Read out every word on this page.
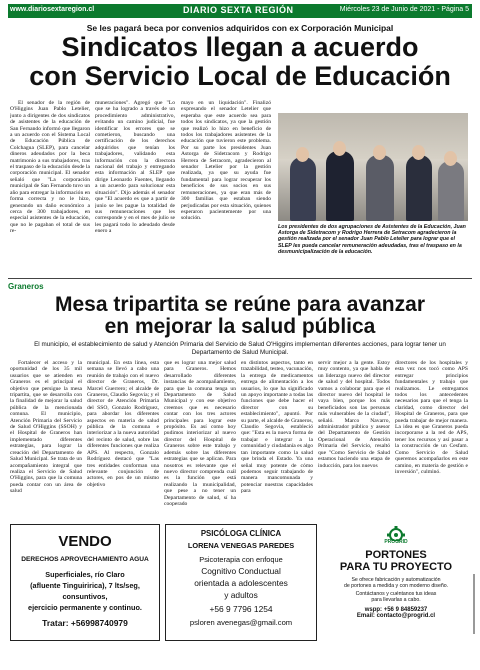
www.diariosextaregion.cl	DIARIO SEXTA REGIÓN	Miércoles 23 de Junio de 2021 - Página 5
Se les pagará beca por convenios adquiridos con ex Corporación Municipal
Sindicatos llegan a acuerdo
con Servicio Local de Educación
El senador de la región de O'Higgins Juan Pablo Letelier, junto a dirigentes de dos sindicatos de asistentes de la educación de San Fernando informó que llegaron a un acuerdo con el Sistema Local de Educación Pública de Colchagua (SLEP), para cancelar dineros adeudados por la beca matrimonio a sus trabajadores, tras el traspaso de la educación desde la corporación municipal. El senador señaló que "La corporación municipal de San Fernando tuvo un año para entregar la información en forma correcta y no le hizo, generando un daño económico a cerca de 300 trabajadores, en especial asistentes de la educación, que no le pagaban el total de sus re-
muneraciones". Agregó que "Lo que se ha logrado a través de un procedimiento administrativo, evitando un camino judicial, fue identificar los errores que se cometieron, buscando una certificación de los derechos adquiridos que tenían los trabajadores, validando esta información con la directora nacional del trabajo y entregando esta información al SLEP que dirige Leonardo Fuentes, llegando a un acuerdo para solucionar esta situación". Dijo además el senador que "El acuerdo es que a partir de junio se les pague la totalidad de sus remuneraciones que les corresponde y en el mes de julio se les pagará todo lo adeudado desde enero a
mayo en un liquidación". Finalizó expresando el senador Letelier que esperaba que este acuerdo sea para todos los sindicatos, ya que la gestión que realizó lo hizo en beneficio de todos los trabajadores asistentes de la educación que tuvieron este problema. Por su parte los presidentes Juan Astorga de Sidetracom y Rodrigo Herrera de Setracom, agradecieron al senador Letelier por la gestión realizada, ya que su ayuda fue fundamental para lograr recuperar los beneficios de sus socios en sus remuneraciones, ya que eran más de 300 familias que estaban siendo perjudicadas por esta situación, quienes esperaron pacientemente por una solución.
Los presidentes de dos agrupaciones de Asistentes de la Educación, Juan Astorga de Sidetracom y Rodrigo Herrera de Setracom agradecieron la gestión realizada por el senador Juan Pablo Letelier para lograr que el SLEP les pueda cancelar remuneración adeudadas, tras el traspaso en la desmunicipalización de la educación.
Graneros
Mesa tripartita se reúne para avanzar
en mejorar la salud pública
El municipio, el establecimiento de salud y Atención Primaria del Servicio de Salud O'Higgins implementan diferentes acciones, para lograr tener un Departamento de Salud Municipal.
Fortalecer el acceso y la oportunidad de los 35 mil usuarios que se atienden en Graneros es el principal el objetivo que persigue la mesa tripartita, que se desarrolla con la finalidad de mejorar la salud pública de la mencionada comuna. El municipio, Atención Primaria del Servicio de Salud O'Higgins (SSOH) y el Hospital de Graneros han implementado diferentes estrategias, para lograr la creación del Departamento de Salud Municipal. Se trata de un acompañamiento integral que realiza el Servicio de Salud O'Higgins, para que la comuna pueda contar con un área de salud
municipal. En esta línea, esta semana se llevó a cabo una reunión de trabajo con el nuevo director de Graneros, Dr. Marcel Guerrero; el alcalde de Graneros, Claudio Segovia; y el director de Atención Primaria del SSO, Gonzalo Rodríguez, para abordar los diferentes aspectos en materia de salud pública de la comuna e interiorizar a la nueva autoridad del recinto de salud, sobre las diferentes funciones que realiza APS. Al respecto, Gonzalo Rodríguez destacó que "Las tres entidades conforman una relevante conjunción de actores, en pos de un mismo objetivo
que es lograr una mejor salud para Graneros. Hemos desarrollado diferentes instancias de acompañamiento, para que la comuna tenga un Departamento de Salud Municipal y con ese objetivo creemos que es necesario contar con los tres actores principales para lograr este propósito. Es así como hoy pudimos interiorizar al nuevo director del Hospital de Graneros sobre este trabajo y además sobre las diferentes estrategias que se aplican. Para nosotros es relevante que el nuevo director comprenda cuál es la función que está realizando la municipalidad, que pese a no tener un Departamento de salud, sí ha cooperado
en distintos aspectos, tanto en trazabilidad, testeo, vacunación, la entrega de medicamentos entrega de alimentación a los usuarios, lo que ha significado un apoyo importante a todas las funciones que debe hacer el director con su establecimiento", apuntó. Por su parte, el alcalde de Graneros, Claudio Segovia, estableció que: "Esta es la nueva forma de trabajar e integrar a la comunidad y ciudadanía es algo tan importante como la salud que brinda el Estado. Ya una señal muy potente de cómo podemos seguir trabajando de manera mancomunada y potenciar nuestras capacidades para
servir mejor a la gente. Estoy muy contento, ya que habla de un liderazgo nuevo del director de salud y del hospital. Todos vamos a colaborar para que el director nuevo del hospital le vaya bien, porque los más beneficiados son las personas más vulnerables de la ciudad", señaló. Marco Navarro, administrador público y asesor del Departamento de Gestión Operacional de Atención Primaria del Servicio, resaltó que "Como Servicio de Salud estamos haciendo una etapa de inducción, para los nuevos
directores de los hospitales y esta vez nos tocó como APS entregar principios fundamentales y trabajo que realizamos. Le entregamos todos los antecedentes necesarios para que el tenga la claridad, como director del Hospital de Graneros, para que pueda trabajar de mejor manera. La idea es que Graneros pueda incorporarse a la red de APS, tener los recursos y así pasar a la construcción de un Cesfam. Como Servicio de Salud queremos acompañarlos en este camino, en materia de gestión e inversión", culminó.
VENDO
DERECHOS APROVECHAMIENTO AGUA
Superficiales, río Claro
(afluente Tinguiririca), 7 lts/seg,
consuntivos,
ejercicio permanente y continuo.
Tratar: +56998740979
PSICÓLOGA CLÍNICA
LORENA VENEGAS PAREDES
Psicoterapia con enfoque
Cognitivo Conductual
orientada a adolescentes
y adultos
+56 9 7796 1254
psloren avenegas@gmail.com
PROGRID
PORTONES
PARA TU PROYECTO
Se ofrece fabricación y automatización
de portones a medida y con moderno diseño.
Contáctanos y cuéntanos tus ideas
para llevarlas a cabo.
wspp: +56 9 84859237
Email: contacto@progrid.cl
